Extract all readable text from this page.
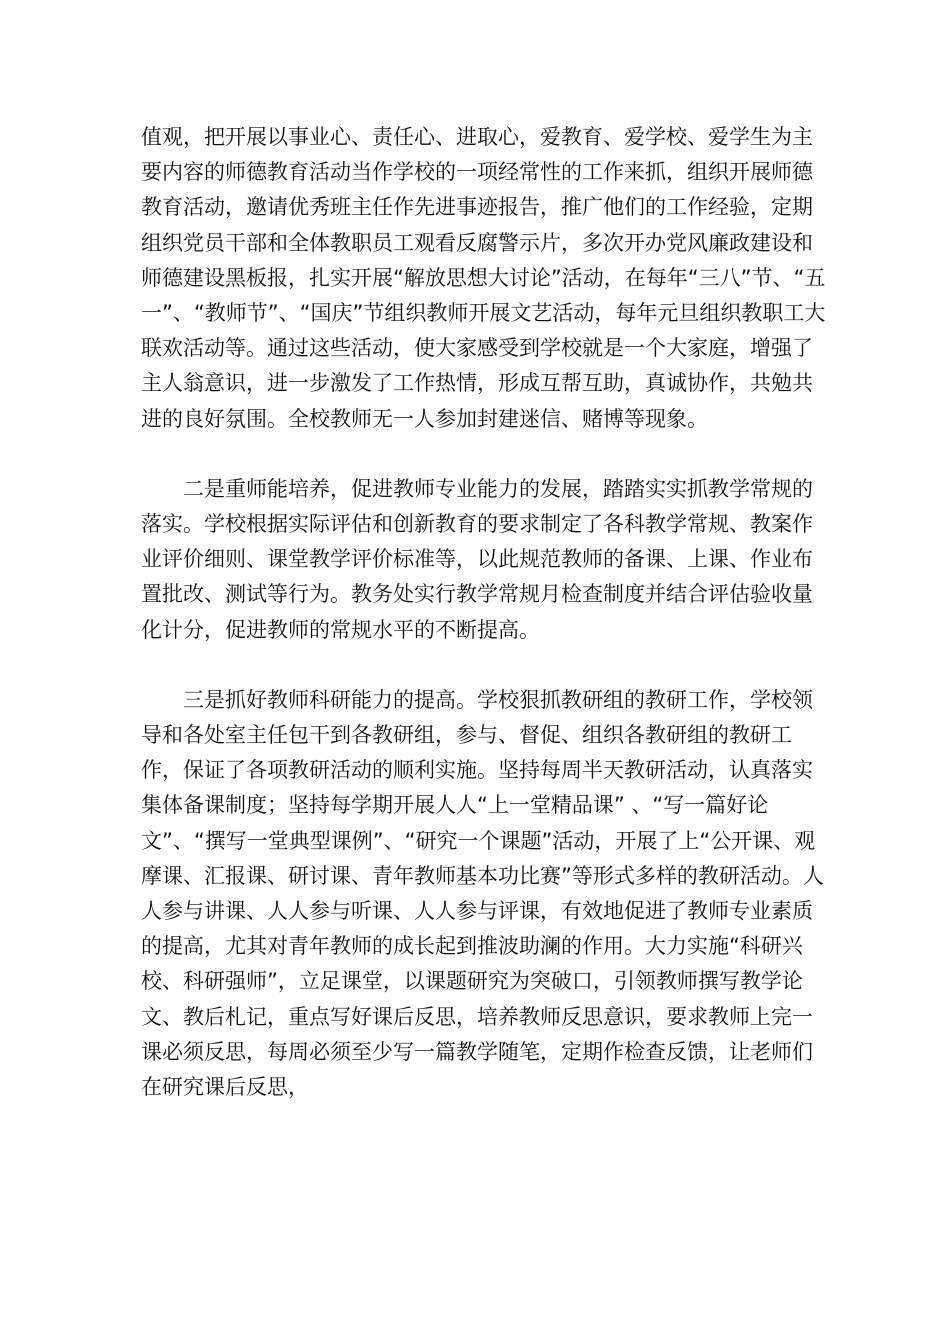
值观，把开展以事业心、责任心、进取心，爱教育、爱学校、爱学生为主要内容的师德教育活动当作学校的一项经常性的工作来抓，组织开展师德教育活动，邀请优秀班主任作先进事迹报告，推广他们的工作经验，定期组织党员干部和全体教职员工观看反腐警示片，多次开办党风廉政建设和师德建设黑板报，扎实开展“解放思想大讨论”活动，在每年“三八”节、“五一”、“教师节”、“国庆”节组织教师开展文艺活动，每年元旦组织教职工大联欢活动等。通过这些活动，使大家感受到学校就是一个大家庭，增强了主人翁意识，进一步激发了工作热情，形成互帮互助，真诚协作，共勉共进的良好氛围。全校教师无一人参加封建迷信、赌博等现象。

二是重师能培养，促进教师专业能力的发展，踏踏实实抓教学常规的落实。学校根据实际评估和创新教育的要求制定了各科教学常规、教案作业评价细则、课堂教学评价标准等，以此规范教师的备课、上课、作业布置批改、测试等行为。教务处实行教学常规月检查制度并结合评估验收量化计分，促进教师的常规水平的不断提高。

三是抓好教师科研能力的提高。学校狠抓教研组的教研工作，学校领导和各处室主任包干到各教研组，参与、督促、组织各教研组的教研工作，保证了各项教研活动的顺利实施。坚持每周半天教研活动，认真落实集体备课制度；坚持每学期开展人人“上一堂精品课” 、“写一篇好论文”、“撰写一堂典型课例”、“研究一个课题”活动，开展了上“公开课、观摩课、汇报课、研讨课、青年教师基本功比赛”等形式多样的教研活动。人人参与讲课、人人参与听课、人人参与评课，有效地促进了教师专业素质的提高，尤其对青年教师的成长起到推波助澜的作用。大力实施“科研兴校、科研强师”，立足课堂，以课题研究为突破口，引领教师撰写教学论文、教后札记，重点写好课后反思，培养教师反思意识，要求教师上完一课必须反思，每周必须至少写一篇教学随笔，定期作检查反馈，让老师们在研究课后反思，
